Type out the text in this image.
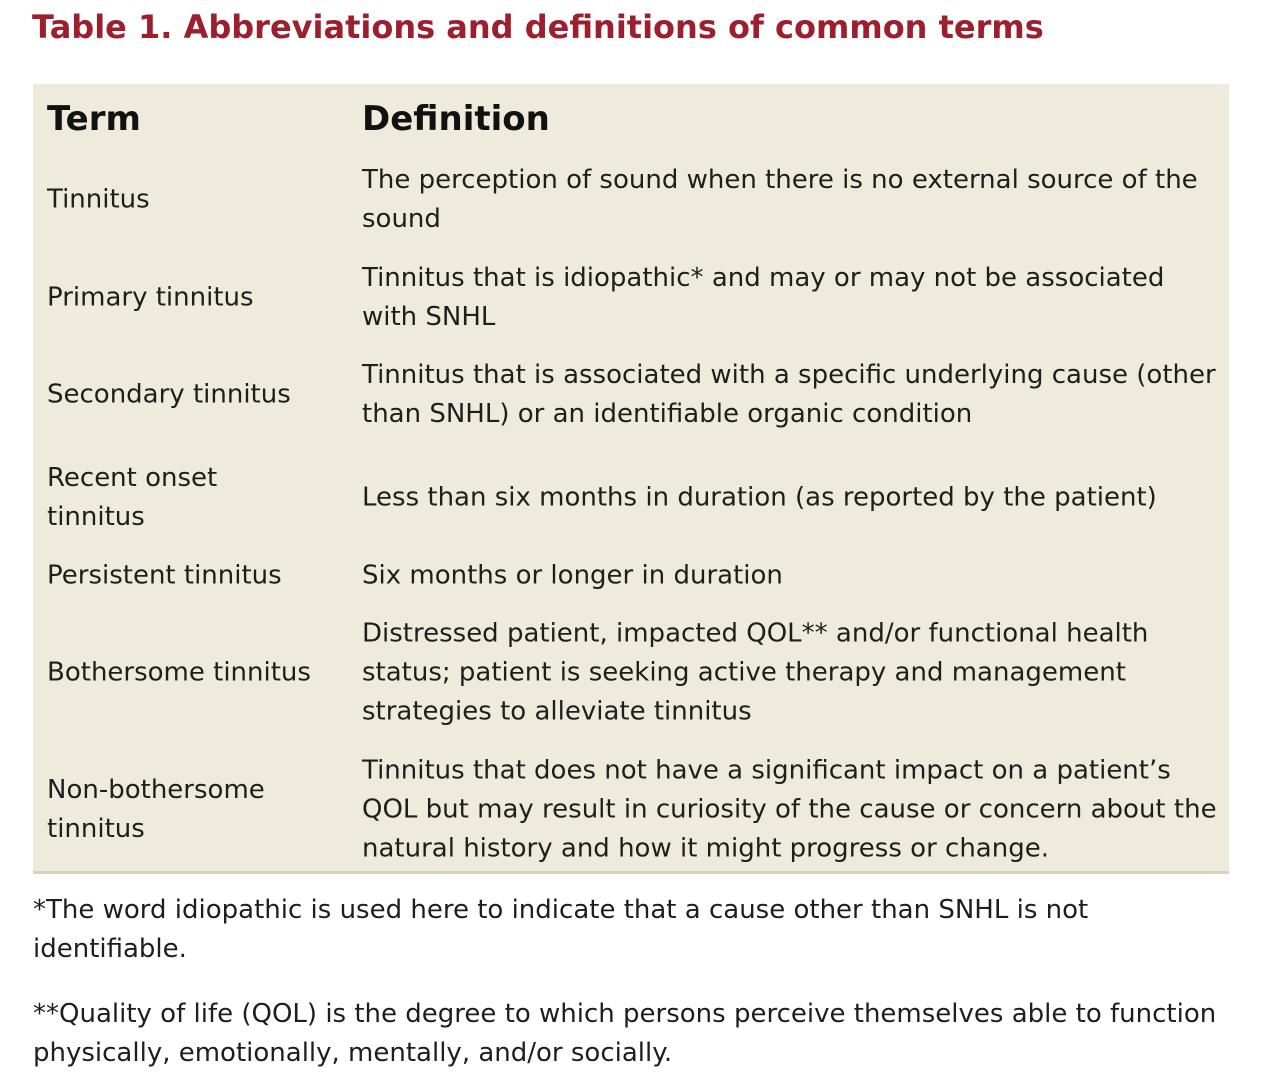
Table 1. Abbreviations and definitions of common terms
Term	Definition
Tinnitus
The perception of sound when there is no external source of the sound
Primary tinnitus
Tinnitus that is idiopathic* and may or may not be associated with SNHL
Secondary tinnitus
Tinnitus that is associated with a specific underlying cause (other than SNHL) or an identifiable organic condition
Recent onset tinnitus
Less than six months in duration (as reported by the patient)
Persistent tinnitus	Six months or longer in duration
Bothersome tinnitus
Distressed patient, impacted QOL** and/or functional health status; patient is seeking active therapy and management strategies to alleviate tinnitus
Non-bothersome tinnitus
Tinnitus that does not have a significant impact on a patient’s QOL but may result in curiosity of the cause or concern about the natural history and how it might progress or change.

*The word idiopathic is used here to indicate that a cause other than SNHL is not identifiable.

**Quality of life (QOL) is the degree to which persons perceive themselves able to function physically, emotionally, mentally, and/or socially.
